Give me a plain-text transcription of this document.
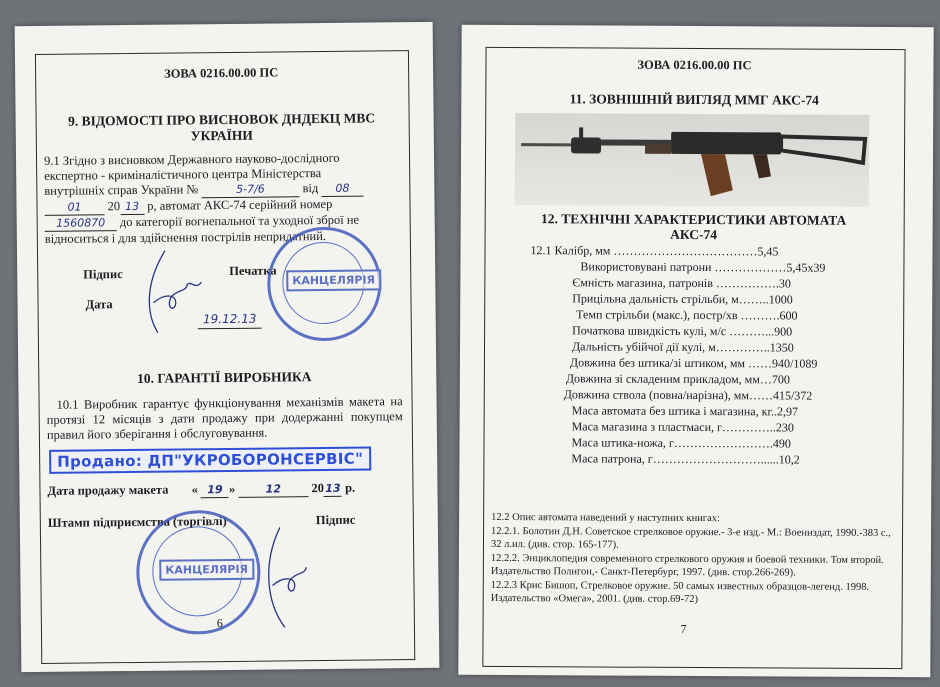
ЗОВА 0216.00.00 ПС
9. ВІДОМОСТІ ПРО ВИСНОВОК ДНДЕКЦ МВС УКРАЇНИ
9.1 Згідно з висновком Державного науково-дослідного
експертно - криміналістичного центра Міністерства
внутрішніх справ України №	5-7/6	від 08
01 20 13 р, автомат АКС-74 серійний номер
1560870 до категорії вогнепальної та уходної зброї не
відноситься і для здійснення пострілів непридатний.
Підпис	Печатка
Дата
19.12.13
КАНЦЕЛЯРІЯ
10. ГАРАНТІЇ ВИРОБНИКА
10.1 Виробник гарантує функціонування механізмів макета на протязі 12 місяців з дати продажу при додержанні покупцем правил його зберігання і обслуговування.
Продано: ДП"УКРОБОРОНСЕРВІС"
Дата продажу макета « 19 » 12 2013 р.
Штамп підприємства (торгівлі)	Підпис
КАНЦЕЛЯРІЯ
6
ЗОВА 0216.00.00 ПС
11. ЗОВНІШНІЙ ВИГЛЯД ММГ АКС-74
12. ТЕХНІЧНІ ХАРАКТЕРИСТИКИ АВТОМАТА
АКС-74
12.1 Калібр, мм ………………………………5,45
Використовувані патрони ………………5,45х39
Ємність магазина, патронів …………….30
Прицільна дальність стрільби, м……..1000
Темп стрільби (макс.), постр/хв ……….600
Початкова швидкість кулі, м/с ………...900
Дальність убійчої дії кулі, м…………..1350
Довжина без штика/зі штиком, мм ……940/1089
Довжина зі складеним прикладом, мм…700
Довжина ствола (повна/нарізна), мм……415/372
Маса автомата без штика і магазина, кг..2,97
Маса магазина з пластмаси, г…………..230
Маса штика-ножа, г…………………….490
Маса патрона, г………………………......10,2
12.2 Опис автомата наведений у наступних книгах:
12.2.1. Болотин Д.Н. Советское стрелковое оружие.- 3-е изд.- М.: Воениздат, 1990.-383 с., 32 л.ил. (див. стор. 165-177).
12.2.2. Энциклопедия современного стрелкового оружия и боевой техники. Том второй. Издательство Полигон,- Санкт-Петербург, 1997. (див. стор.266-269).
12.2.3 Крис Бишоп, Стрелковое оружие. 50 самых известных образцов-легенд. 1998. Издательство «Омега», 2001. (див. стор.69-72)
7
